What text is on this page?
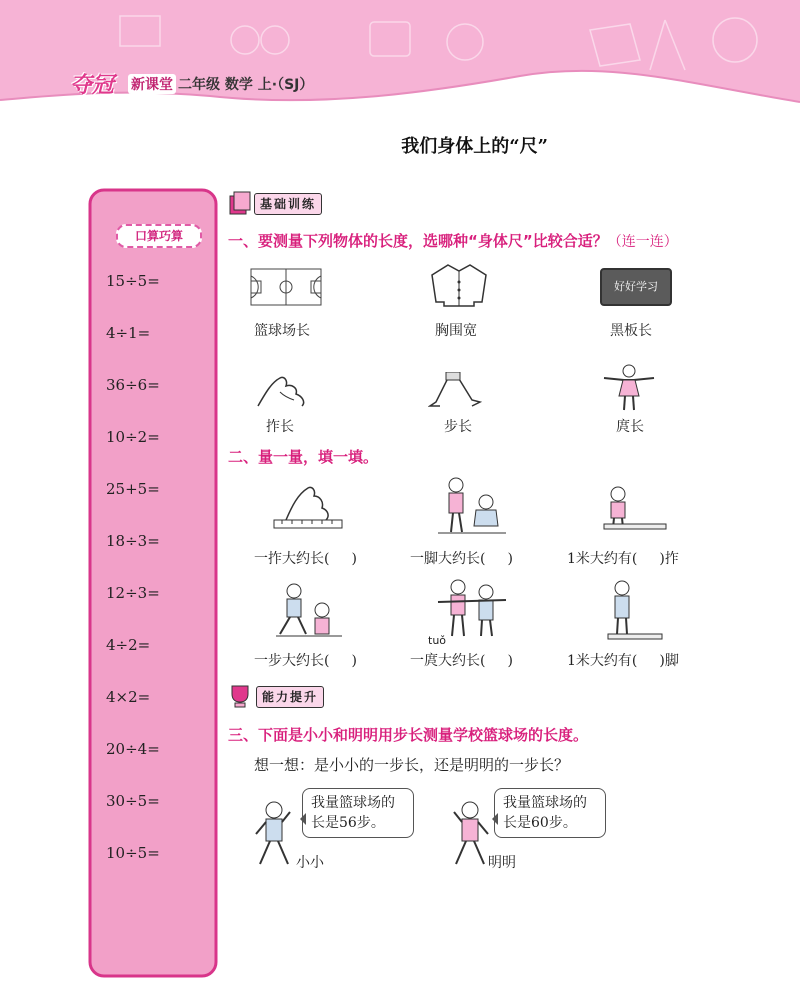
夺冠 新课堂 二年级 数学 上·（SJ）
我们身体上的“尺”
口算巧算
15÷5=
4÷1=
36÷6=
10÷2=
25+5=
18÷3=
12÷3=
4÷2=
4×2=
20÷4=
30÷5=
10÷5=
基础训练
一、要测量下列物体的长度，选哪种“身体尺”比较合适？（连一连）
好好学习
篮球场长	胸围宽	黑板长
拃长	步长	庹长
二、量一量，填一填。
一拃大约长( )	一脚大约长( )	1米大约有( )拃
tuǒ
一步大约长( )	一庹大约长( )	1米大约有( )脚
能力提升
三、下面是小小和明明用步长测量学校篮球场的长度。
想一想：是小小的一步长，还是明明的一步长？
我量篮球场的长是56步。
小小
我量篮球场的长是60步。
明明
